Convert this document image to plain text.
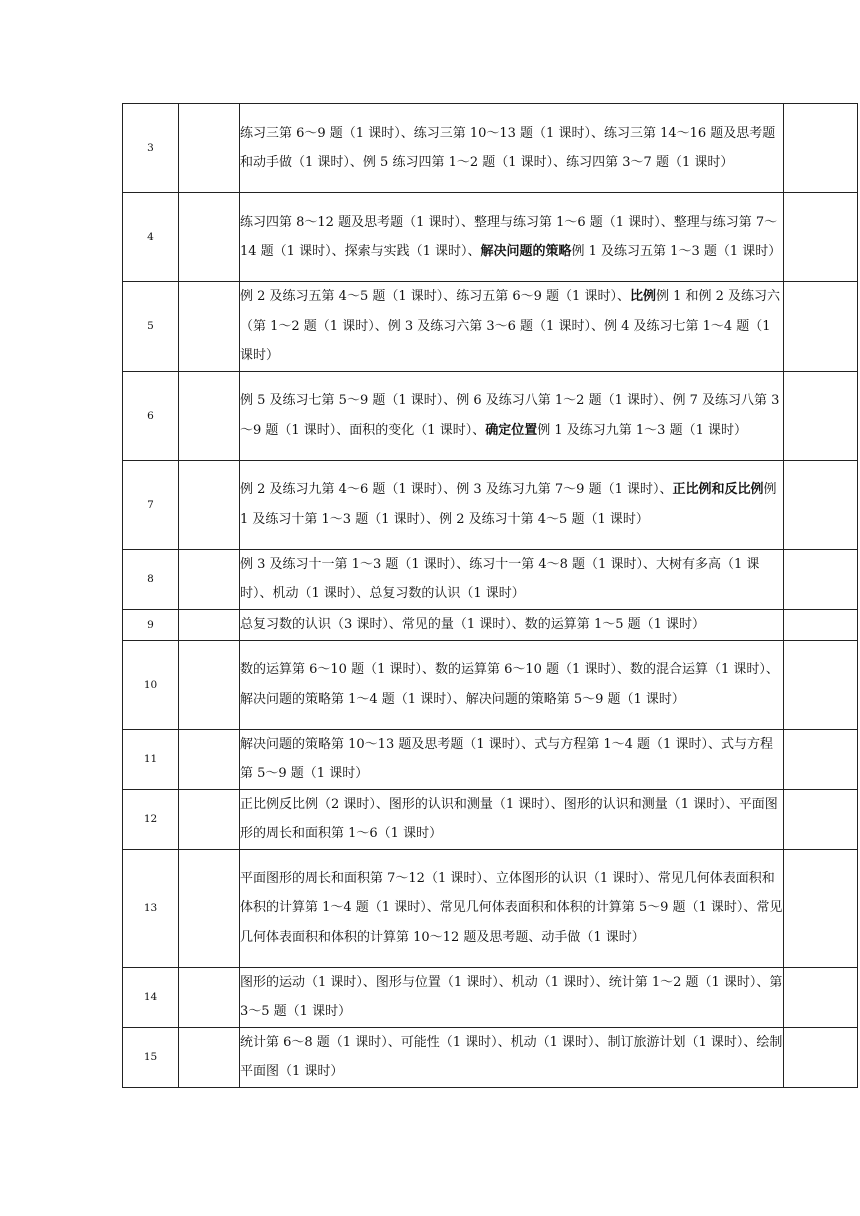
3		练习三第 6～9 题（1 课时）、练习三第 10～13 题（1 课时）、练习三第 14～16 题及思考题和动手做（1 课时）、例 5 练习四第 1～2 题（1 课时）、练习四第 3～7 题（1 课时）	
4		练习四第 8～12 题及思考题（1 课时）、整理与练习第 1～6 题（1 课时）、整理与练习第 7～14 题（1 课时）、探索与实践（1 课时）、解决问题的策略例 1 及练习五第 1～3 题（1 课时）	
5		例 2 及练习五第 4～5 题（1 课时）、练习五第 6～9 题（1 课时）、比例例 1 和例 2 及练习六（第 1～2 题（1 课时）、例 3 及练习六第 3～6 题（1 课时）、例 4 及练习七第 1～4 题（1 课时）	
6		例 5 及练习七第 5～9 题（1 课时）、例 6 及练习八第 1～2 题（1 课时）、例 7 及练习八第 3～9 题（1 课时）、面积的变化（1 课时）、确定位置例 1 及练习九第 1～3 题（1 课时）	
7		例 2 及练习九第 4～6 题（1 课时）、例 3 及练习九第 7～9 题（1 课时）、正比例和反比例例 1 及练习十第 1～3 题（1 课时）、例 2 及练习十第 4～5 题（1 课时）	
8		例 3 及练习十一第 1～3 题（1 课时）、练习十一第 4～8 题（1 课时）、大树有多高（1 课时）、机动（1 课时）、总复习数的认识（1 课时）	
9		总复习数的认识（3 课时）、常见的量（1 课时）、数的运算第 1～5 题（1 课时）	
10		数的运算第 6～10 题（1 课时）、数的运算第 6～10 题（1 课时）、数的混合运算（1 课时）、解决问题的策略第 1～4 题（1 课时）、解决问题的策略第 5～9 题（1 课时）	
11		解决问题的策略第 10～13 题及思考题（1 课时）、式与方程第 1～4 题（1 课时）、式与方程第 5～9 题（1 课时）	
12		正比例反比例（2 课时）、图形的认识和测量（1 课时）、图形的认识和测量（1 课时）、平面图形的周长和面积第 1～6（1 课时）	
13		平面图形的周长和面积第 7～12（1 课时）、立体图形的认识（1 课时）、常见几何体表面积和体积的计算第 1～4 题（1 课时）、常见几何体表面积和体积的计算第 5～9 题（1 课时）、常见几何体表面积和体积的计算第 10～12 题及思考题、动手做（1 课时）	
14		图形的运动（1 课时）、图形与位置（1 课时）、机动（1 课时）、统计第 1～2 题（1 课时）、第 3～5 题（1 课时）	
15		统计第 6～8 题（1 课时）、可能性（1 课时）、机动（1 课时）、制订旅游计划（1 课时）、绘制平面图（1 课时）	
